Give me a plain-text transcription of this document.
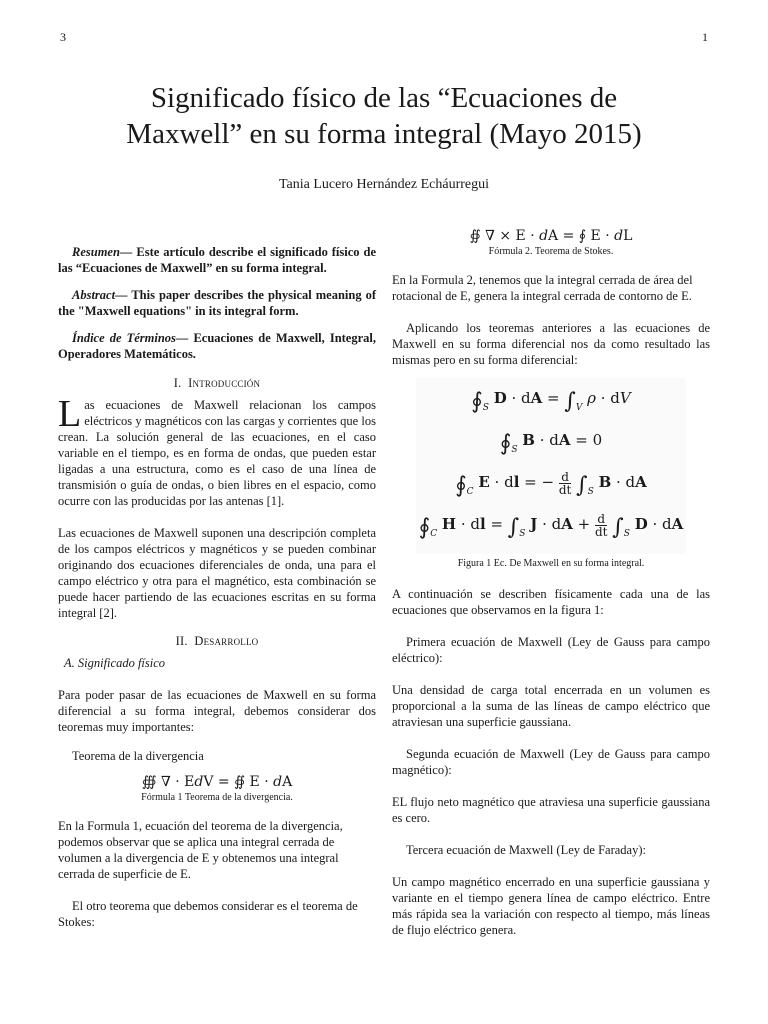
3	1
Significado físico de las “Ecuaciones de
Maxwell” en su forma integral (Mayo 2015)
Tania Lucero Hernández Echáurregui

Resumen— Este artículo describe el significado físico de las “Ecuaciones de Maxwell” en su forma integral.

Abstract— This paper describes the physical meaning of the "Maxwell equations" in its integral form.

Índice de Términos— Ecuaciones de Maxwell, Integral, Operadores Matemáticos.

I. Introducción

Las ecuaciones de Maxwell relacionan los campos eléctricos y magnéticos con las cargas y corrientes que los crean. La solución general de las ecuaciones, en el caso variable en el tiempo, es en forma de ondas, que pueden estar ligadas a una estructura, como es el caso de una línea de transmisión o guía de ondas, o bien libres en el espacio, como ocurre con las producidas por las antenas [1].

Las ecuaciones de Maxwell suponen una descripción completa de los campos eléctricos y magnéticos y se pueden combinar originando dos ecuaciones diferenciales de onda, una para el campo eléctrico y otra para el magnético, esta combinación se puede hacer partiendo de las ecuaciones escritas en su forma integral [2].

II. Desarrollo
A. Significado físico

Para poder pasar de las ecuaciones de Maxwell en su forma diferencial a su forma integral, debemos considerar dos teoremas muy importantes:

Teorema de la divergencia

∰ ∇ · E𝑑V = ∯ E · 𝑑A
Fórmula 1 Teorema de la divergencia.

En la Formula 1, ecuación del teorema de la divergencia, podemos observar que se aplica una integral cerrada de volumen a la divergencia de E y obtenemos una integral cerrada de superficie de E.

El otro teorema que debemos considerar es el teorema de Stokes:

∯ ∇ × E · 𝑑A = ∮ E · 𝑑L
Fórmula 2. Teorema de Stokes.

En la Formula 2, tenemos que la integral cerrada de área del rotacional de E, genera la integral cerrada de contorno de E.

Aplicando los teoremas anteriores a las ecuaciones de Maxwell en su forma diferencial nos da como resultado las mismas pero en su forma diferencial:

$∮_S$ D · dA = $\int_V$ ρ · dV
$∮_S$ B · dA = 0
$∮_C$ E · dl = − $\frac{d}{dt} \int_S$ B · dA
$∮_C$ H · dl = $\int_S$ J · dA + $\frac{d}{dt} \int_S$ D · dA
Figura 1 Ec. De Maxwell en su forma integral.

A continuación se describen físicamente cada una de las ecuaciones que observamos en la figura 1:

Primera ecuación de Maxwell (Ley de Gauss para campo eléctrico):

Una densidad de carga total encerrada en un volumen es proporcional a la suma de las líneas de campo eléctrico que atraviesan una superficie gaussiana.

Segunda ecuación de Maxwell (Ley de Gauss para campo magnético):

EL flujo neto magnético que atraviesa una superficie gaussiana es cero.

Tercera ecuación de Maxwell (Ley de Faraday):

Un campo magnético encerrado en una superficie gaussiana y variante en el tiempo genera línea de campo eléctrico. Entre más rápida sea la variación con respecto al tiempo, más líneas de flujo eléctrico genera.
